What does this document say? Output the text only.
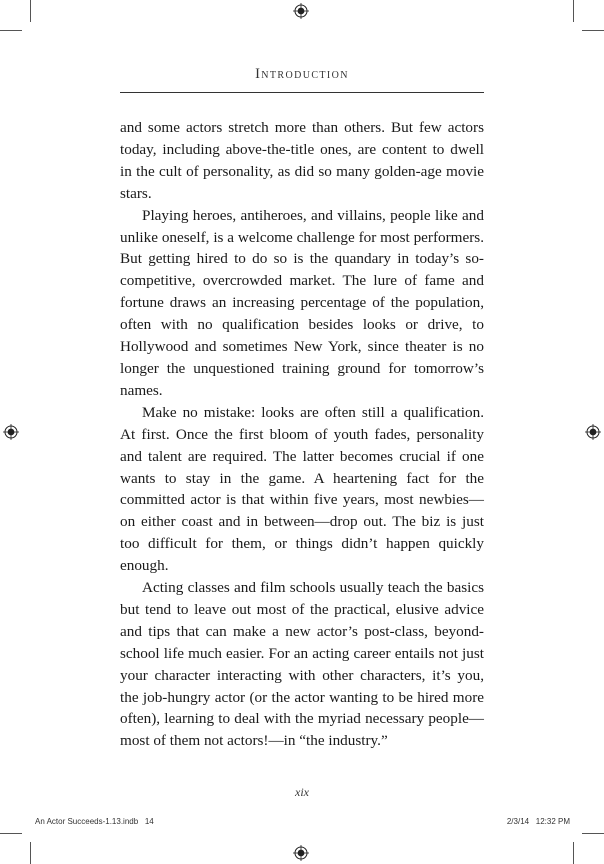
Introduction

and some actors stretch more than others. But few actors today, including above-the-title ones, are content to dwell in the cult of personality, as did so many golden-age movie stars.

Playing heroes, antiheroes, and villains, people like and unlike oneself, is a welcome challenge for most performers. But getting hired to do so is the quandary in today’s so-competitive, overcrowded market. The lure of fame and fortune draws an increasing percentage of the population, often with no qualification besides looks or drive, to Hollywood and sometimes New York, since theater is no longer the unquestioned training ground for tomorrow’s names.

Make no mistake: looks are often still a qualification. At first. Once the first bloom of youth fades, personality and talent are required. The latter becomes crucial if one wants to stay in the game. A heartening fact for the committed actor is that within five years, most newbies—on either coast and in between—drop out. The biz is just too difficult for them, or things didn’t happen quickly enough.

Acting classes and film schools usually teach the basics but tend to leave out most of the practical, elusive advice and tips that can make a new actor’s post-class, beyond-school life much easier. For an acting career entails not just your character interacting with other characters, it’s you, the job-hungry actor (or the actor wanting to be hired more often), learning to deal with the myriad necessary people—most of them not actors!—in “the industry.”

xix
An Actor Succeeds-1.13.indb   14	2/3/14   12:32 PM
